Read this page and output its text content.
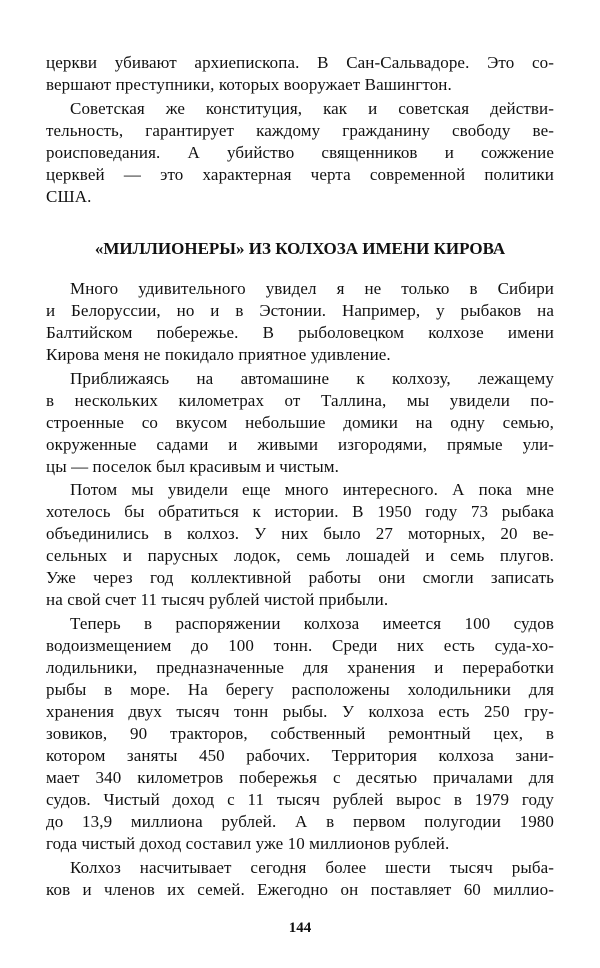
церкви убивают архиепископа. В Сан-Сальвадоре. Это со-
вершают преступники, которых вооружает Вашингтон.
Советская же конституция, как и советская действи-
тельность, гарантирует каждому гражданину свободу ве-
роисповедания. А убийство священников и сожжение
церквей — это характерная черта современной политики
США.
«МИЛЛИОНЕРЫ» ИЗ КОЛХОЗА ИМЕНИ КИРОВА
Много удивительного увидел я не только в Сибири
и Белоруссии, но и в Эстонии. Например, у рыбаков на
Балтийском побережье. В рыболовецком колхозе имени
Кирова меня не покидало приятное удивление.
Приближаясь на автомашине к колхозу, лежащему
в нескольких километрах от Таллина, мы увидели по-
строенные со вкусом небольшие домики на одну семью,
окруженные садами и живыми изгородями, прямые ули-
цы — поселок был красивым и чистым.
Потом мы увидели еще много интересного. А пока мне
хотелось бы обратиться к истории. В 1950 году 73 рыбака
объединились в колхоз. У них было 27 моторных, 20 ве-
сельных и парусных лодок, семь лошадей и семь плугов.
Уже через год коллективной работы они смогли записать
на свой счет 11 тысяч рублей чистой прибыли.
Теперь в распоряжении колхоза имеется 100 судов
водоизмещением до 100 тонн. Среди них есть суда-хо-
лодильники, предназначенные для хранения и переработки
рыбы в море. На берегу расположены холодильники для
хранения двух тысяч тонн рыбы. У колхоза есть 250 гру-
зовиков, 90 тракторов, собственный ремонтный цех, в
котором заняты 450 рабочих. Территория колхоза зани-
мает 340 километров побережья с десятью причалами для
судов. Чистый доход с 11 тысяч рублей вырос в 1979 году
до 13,9 миллиона рублей. А в первом полугодии 1980
года чистый доход составил уже 10 миллионов рублей.
Колхоз насчитывает сегодня более шести тысяч рыба-
ков и членов их семей. Ежегодно он поставляет 60 миллио-
144
